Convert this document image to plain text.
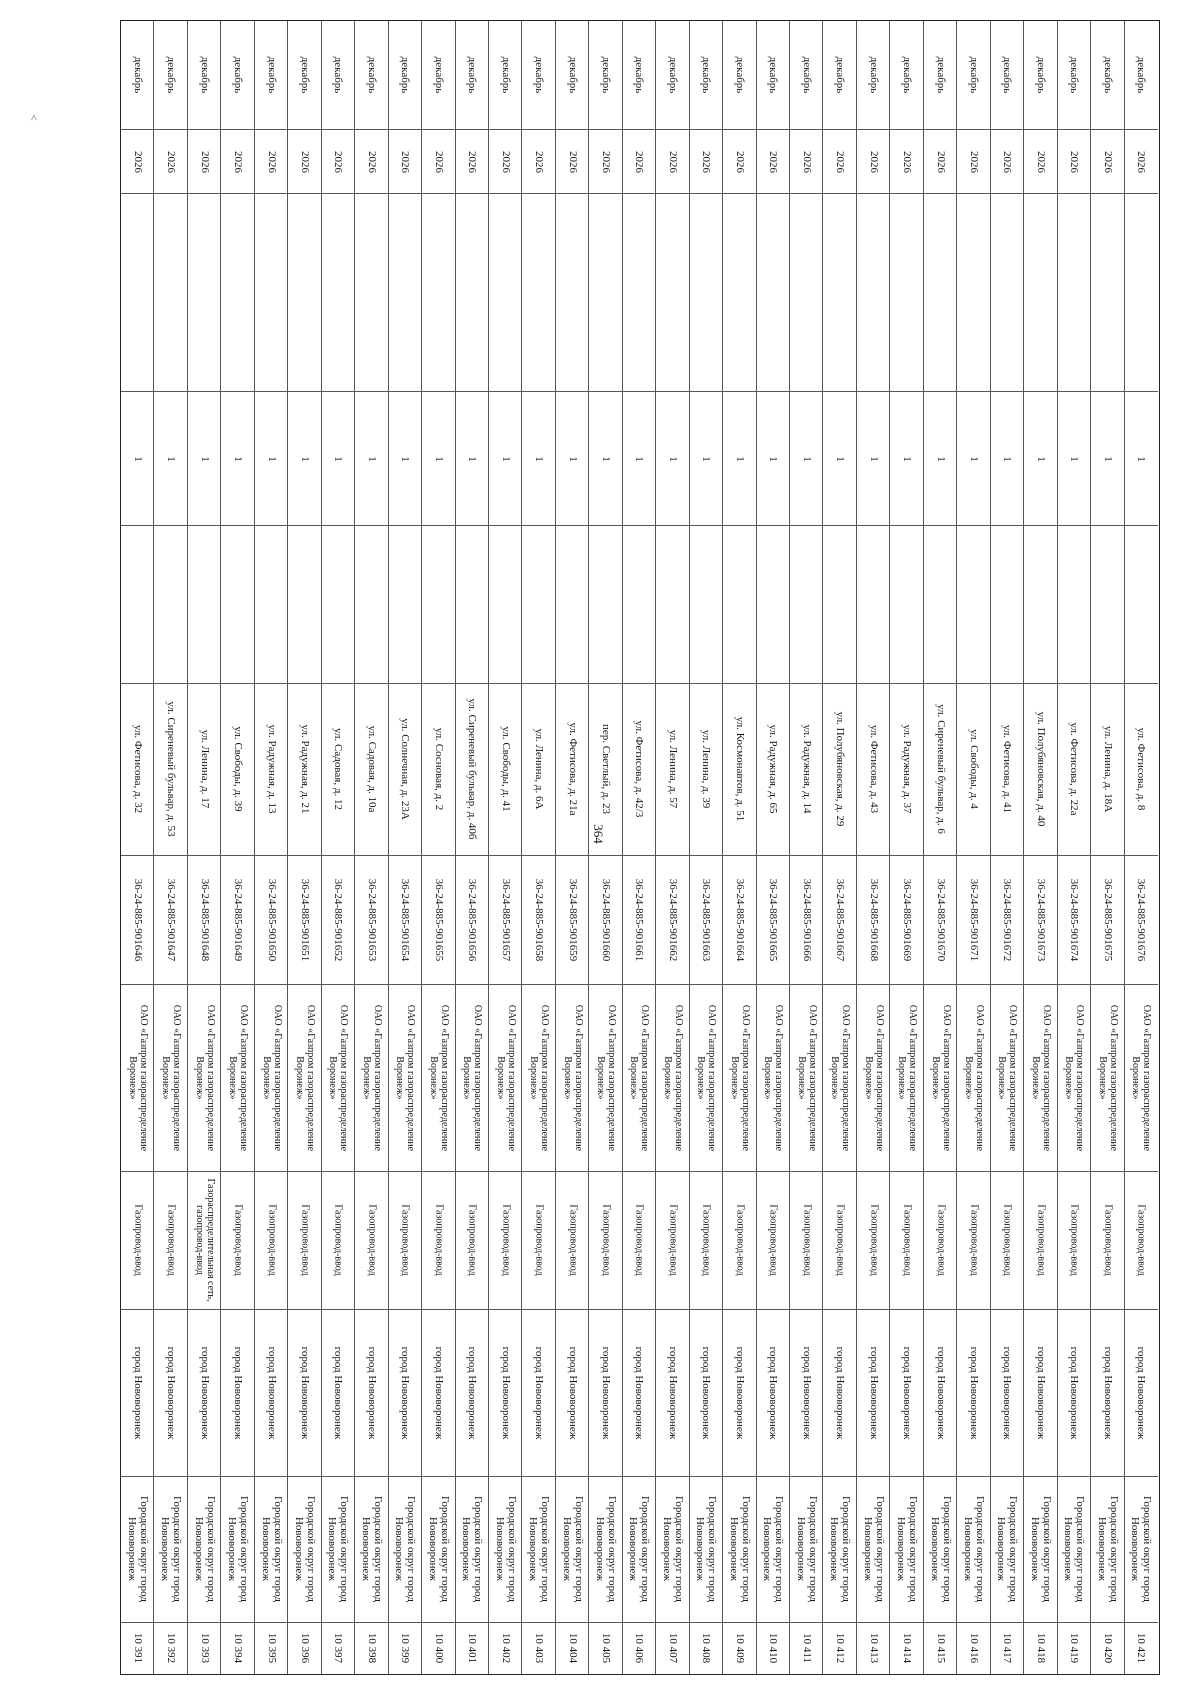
<
364
10 391
Городской округ город Нововоронеж
город Нововоронеж
Газопровод-ввод
ОАО «Газпром газораспределение Воронеж»
36-24-885-901646
ул. Фетисова, д. 32
1
2026
декабрь
10 392
Городской округ город Нововоронеж
город Нововоронеж
Газопровод-ввод
ОАО «Газпром газораспределение Воронеж»
36-24-885-901647
ул. Сиреневый бульвар, д. 53
1
2026
декабрь
10 393
Городской округ город Нововоронеж
город Нововоронеж
Газораспределительная сеть, газопровод-ввод
ОАО «Газпром газораспределение Воронеж»
36-24-885-901648
ул. Ленина, д. 17
1
2026
декабрь
10 394
Городской округ город Нововоронеж
город Нововоронеж
Газопровод-ввод
ОАО «Газпром газораспределение Воронеж»
36-24-885-901649
ул. Свободы, д. 39
1
2026
декабрь
10 395
Городской округ город Нововоронеж
город Нововоронеж
Газопровод-ввод
ОАО «Газпром газораспределение Воронеж»
36-24-885-901650
ул. Радужная, д. 13
1
2026
декабрь
10 396
Городской округ город Нововоронеж
город Нововоронеж
Газопровод-ввод
ОАО «Газпром газораспределение Воронеж»
36-24-885-901651
ул. Радужная, д. 21
1
2026
декабрь
10 397
Городской округ город Нововоронеж
город Нововоронеж
Газопровод-ввод
ОАО «Газпром газораспределение Воронеж»
36-24-885-901652
ул. Садовая, д. 12
1
2026
декабрь
10 398
Городской округ город Нововоронеж
город Нововоронеж
Газопровод-ввод
ОАО «Газпром газораспределение Воронеж»
36-24-885-901653
ул. Садовая, д. 10а
1
2026
декабрь
10 399
Городской округ город Нововоронеж
город Нововоронеж
Газопровод-ввод
ОАО «Газпром газораспределение Воронеж»
36-24-885-901654
ул. Солнечная, д. 23А
1
2026
декабрь
10 400
Городской округ город Нововоронеж
город Нововоронеж
Газопровод-ввод
ОАО «Газпром газораспределение Воронеж»
36-24-885-901655
ул. Сосновая, д. 2
1
2026
декабрь
10 401
Городской округ город Нововоронеж
город Нововоронеж
Газопровод-ввод
ОАО «Газпром газораспределение Воронеж»
36-24-885-901656
ул. Сиреневый бульвар, д. 40б
1
2026
декабрь
10 402
Городской округ город Нововоронеж
город Нововоронеж
Газопровод-ввод
ОАО «Газпром газораспределение Воронеж»
36-24-885-901657
ул. Свободы, д. 41
1
2026
декабрь
10 403
Городской округ город Нововоронеж
город Нововоронеж
Газопровод-ввод
ОАО «Газпром газораспределение Воронеж»
36-24-885-901658
ул. Ленина, д. 6А
1
2026
декабрь
10 404
Городской округ город Нововоронеж
город Нововоронеж
Газопровод-ввод
ОАО «Газпром газораспределение Воронеж»
36-24-885-901659
ул. Фетисова, д. 21а
1
2026
декабрь
10 405
Городской округ город Нововоронеж
город Нововоронеж
Газопровод-ввод
ОАО «Газпром газораспределение Воронеж»
36-24-885-901660
пер. Светлый, д. 23
1
2026
декабрь
10 406
Городской округ город Нововоронеж
город Нововоронеж
Газопровод-ввод
ОАО «Газпром газораспределение Воронеж»
36-24-885-901661
ул. Фетисова, д. 42/3
1
2026
декабрь
10 407
Городской округ город Нововоронеж
город Нововоронеж
Газопровод-ввод
ОАО «Газпром газораспределение Воронеж»
36-24-885-901662
ул. Ленина, д. 57
1
2026
декабрь
10 408
Городской округ город Нововоронеж
город Нововоронеж
Газопровод-ввод
ОАО «Газпром газораспределение Воронеж»
36-24-885-901663
ул. Ленина, д. 39
1
2026
декабрь
10 409
Городской округ город Нововоронеж
город Нововоронеж
Газопровод-ввод
ОАО «Газпром газораспределение Воронеж»
36-24-885-901664
ул. Космонавтов, д. 51
1
2026
декабрь
10 410
Городской округ город Нововоронеж
город Нововоронеж
Газопровод-ввод
ОАО «Газпром газораспределение Воронеж»
36-24-885-901665
ул. Радужная, д. 65
1
2026
декабрь
10 411
Городской округ город Нововоронеж
город Нововоронеж
Газопровод-ввод
ОАО «Газпром газораспределение Воронеж»
36-24-885-901666
ул. Радужная, д. 14
1
2026
декабрь
10 412
Городской округ город Нововоронеж
город Нововоронеж
Газопровод-ввод
ОАО «Газпром газораспределение Воронеж»
36-24-885-901667
ул. Полубяновская, д. 29
1
2026
декабрь
10 413
Городской округ город Нововоронеж
город Нововоронеж
Газопровод-ввод
ОАО «Газпром газораспределение Воронеж»
36-24-885-901668
ул. Фетисова, д. 43
1
2026
декабрь
10 414
Городской округ город Нововоронеж
город Нововоронеж
Газопровод-ввод
ОАО «Газпром газораспределение Воронеж»
36-24-885-901669
ул. Радужная, д. 37
1
2026
декабрь
10 415
Городской округ город Нововоронеж
город Нововоронеж
Газопровод-ввод
ОАО «Газпром газораспределение Воронеж»
36-24-885-901670
ул. Сиреневый бульвар, д. 6
1
2026
декабрь
10 416
Городской округ город Нововоронеж
город Нововоронеж
Газопровод-ввод
ОАО «Газпром газораспределение Воронеж»
36-24-885-901671
ул. Свободы, д. 4
1
2026
декабрь
10 417
Городской округ город Нововоронеж
город Нововоронеж
Газопровод-ввод
ОАО «Газпром газораспределение Воронеж»
36-24-885-901672
ул. Фетисова, д. 41
1
2026
декабрь
10 418
Городской округ город Нововоронеж
город Нововоронеж
Газопровод-ввод
ОАО «Газпром газораспределение Воронеж»
36-24-885-901673
ул. Полубяновская, д. 40
1
2026
декабрь
10 419
Городской округ город Нововоронеж
город Нововоронеж
Газопровод-ввод
ОАО «Газпром газораспределение Воронеж»
36-24-885-901674
ул. Фетисова, д. 22а
1
2026
декабрь
10 420
Городской округ город Нововоронеж
город Нововоронеж
Газопровод-ввод
ОАО «Газпром газораспределение Воронеж»
36-24-885-901675
ул. Ленина, д. 18А
1
2026
декабрь
10 421
Городской округ город Нововоронеж
город Нововоронеж
Газопровод-ввод
ОАО «Газпром газораспределение Воронеж»
36-24-885-901676
ул. Фетисова, д. 8
1
2026
декабрь
